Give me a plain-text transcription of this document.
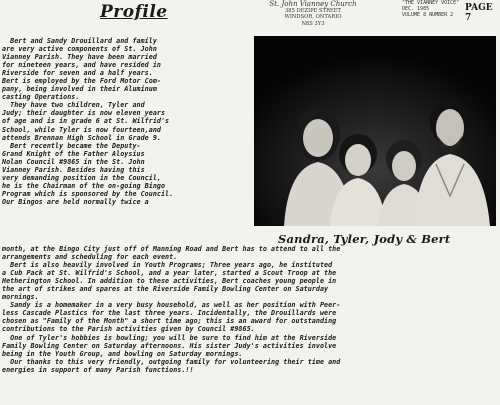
Profile	St. John Vianney Church
385 DEZIPE STREET
WINDSOR, ONTARIO
N8S 3Y3
"THE VIANNEY VOICE"
DEC. 1985
VOLUME 8 NUMBER 2
PAGE 7
Sandra, Tyler, Jody & Bert
Bert and Sandy Drouillard and family
are very active components of St. John
Vianney Parish. They have been married
for nineteen years, and have resided in
Riverside for seven and a half years.
Bert is employed by the Ford Motor Com-
pany, being involved in their Aluminum
casting Operations.
They have two children, Tyler and
Judy; their daughter is now eleven years
of age and is in grade 6 at St. Wilfrid's
School, while Tyler is now fourteen,and
attends Brennan High School in Grade 9.
Bert recently became the Deputy-
Grand Knight of the Father Aloysius
Nolan Council #9865 in the St. John
Vianney Parish. Besides having this
very demanding position in the Council,
he is the Chairman of the on-going Bingo
Program which is sponsored by the Council.
Our Bingos are held normally twice a
month, at the Bingo City just off of Manning Road and Bert has to attend to all the
arrangements and scheduling for each event.
Bert is also heavily involved in Youth Programs; Three years ago, he instituted
a Cub Pack at St. Wilfrid's School, and a year later, started a Scout Troop at the
Hetherington School. In addition to these activities, Bert coaches young people in
the art of strikes and spares at the Riverside Family Bowling Center on Saturday
mornings.
Sandy is a homemaker in a very busy household, as well as her position with Peer-
less Cascade Plastics for the last three years. Incidentally, the Drouillards were
chosen as "Family of the Month" a short time ago; this is an award for outstanding
contributions to the Parish activities given by Council #9865.
One of Tyler's hobbies is bowling; you will be sure to find him at the Riverside
Family Bowling Center on Saturday afternoons. His sister Judy's activities involve
being in the Youth Group, and bowling on Saturday mornings.
Our thanks to this very friendly, outgoing family for volunteering their time and
energies in support of many Parish functions.!!
